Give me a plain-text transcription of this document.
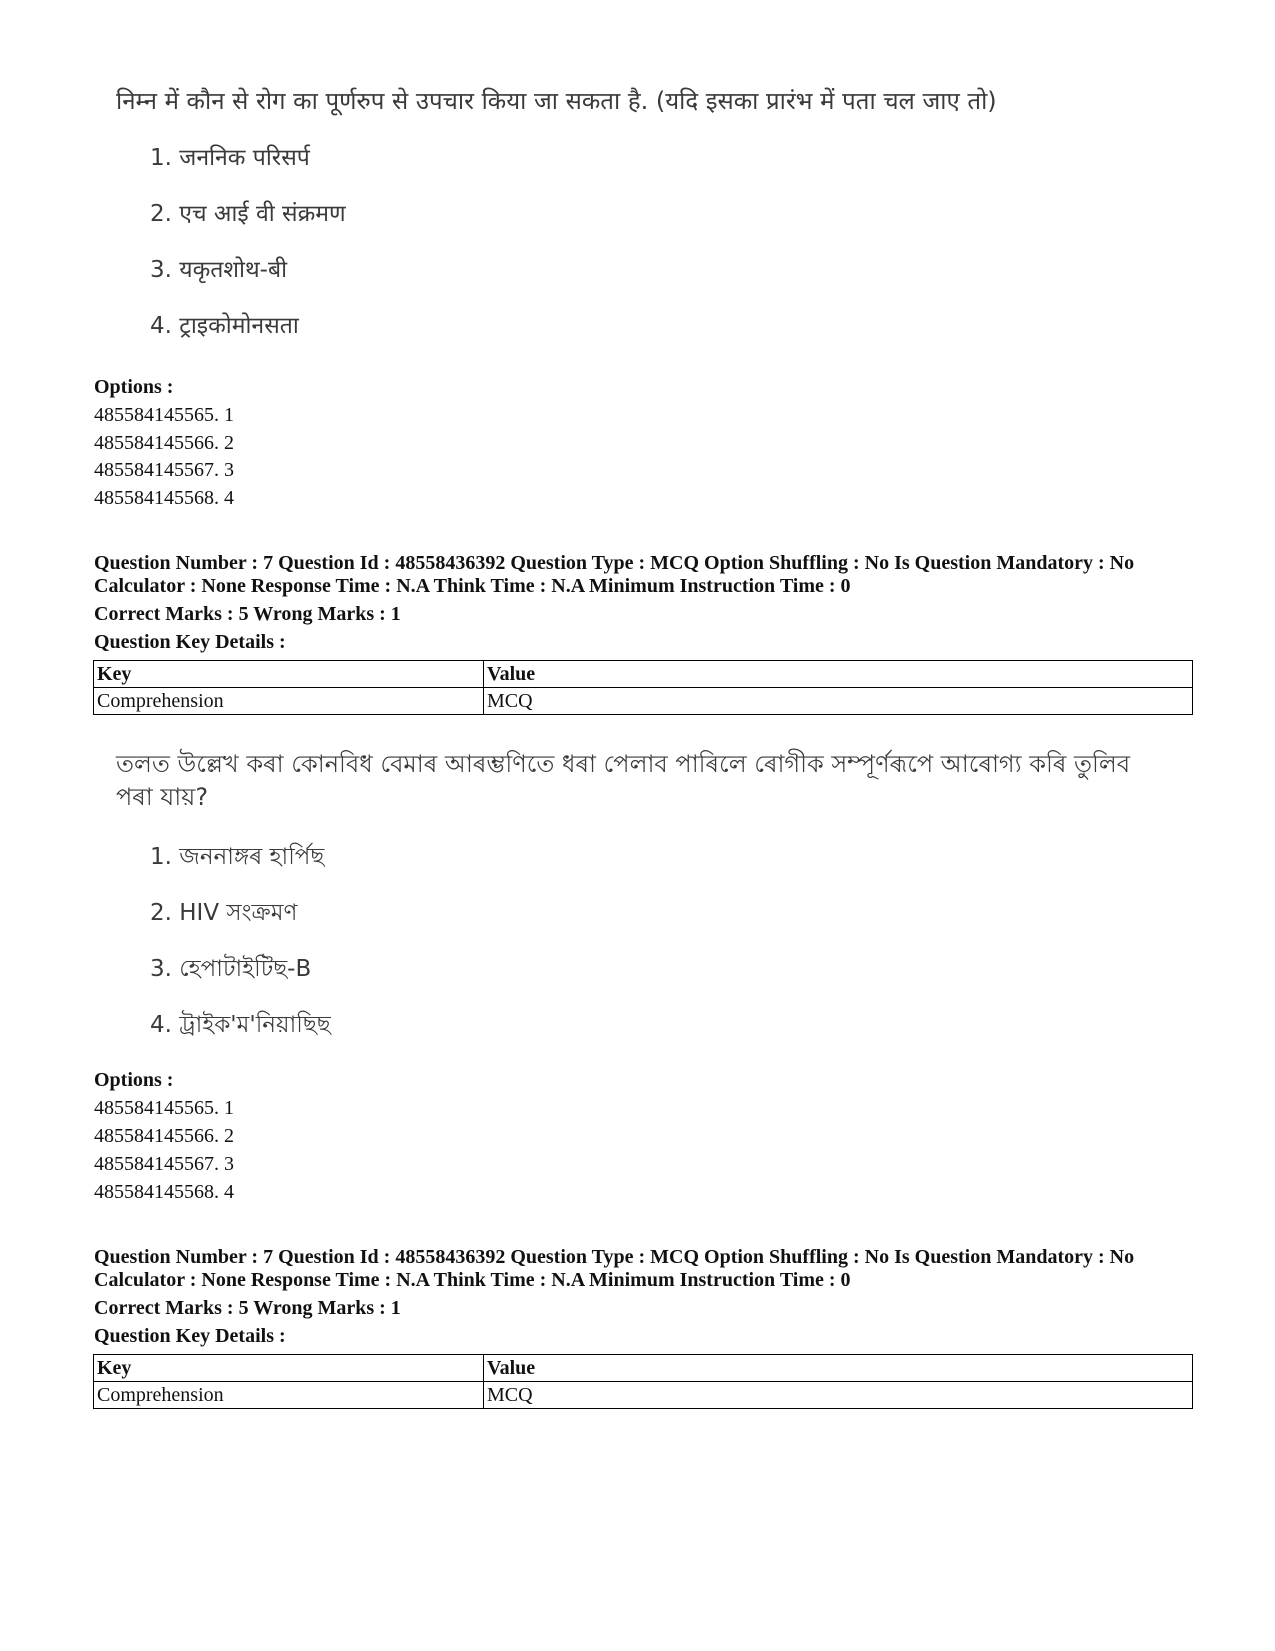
निम्न में कौन से रोग का पूर्णरुप से उपचार किया जा सकता है. (यदि इसका प्रारंभ में पता चल जाए तो)
1. जननिक परिसर्प
2. एच आई वी संक्रमण
3. यकृतशोथ-बी
4. ट्राइकोमोनसता
Options :
485584145565. 1
485584145566. 2
485584145567. 3
485584145568. 4
Question Number : 7 Question Id : 48558436392 Question Type : MCQ Option Shuffling : No Is Question Mandatory : No
Calculator : None Response Time : N.A Think Time : N.A Minimum Instruction Time : 0
Correct Marks : 5 Wrong Marks : 1
Question Key Details :
Key	Value
Comprehension	MCQ
তলত উল্লেখ কৰা কোনবিধ বেমাৰ আৰম্ভণিতে ধৰা পেলাব পাৰিলে ৰোগীক সম্পূৰ্ণৰূপে আৰোগ্য কৰি তুলিব পৰা যায়?
1. জননাঙ্গৰ হাৰ্পিছ
2. HIV সংক্ৰমণ
3. হেপাটাইটিছ-B
4. ট্ৰাইক'ম'নিয়াছিছ
Options :
485584145565. 1
485584145566. 2
485584145567. 3
485584145568. 4
Question Number : 7 Question Id : 48558436392 Question Type : MCQ Option Shuffling : No Is Question Mandatory : No
Calculator : None Response Time : N.A Think Time : N.A Minimum Instruction Time : 0
Correct Marks : 5 Wrong Marks : 1
Question Key Details :
Key	Value
Comprehension	MCQ
